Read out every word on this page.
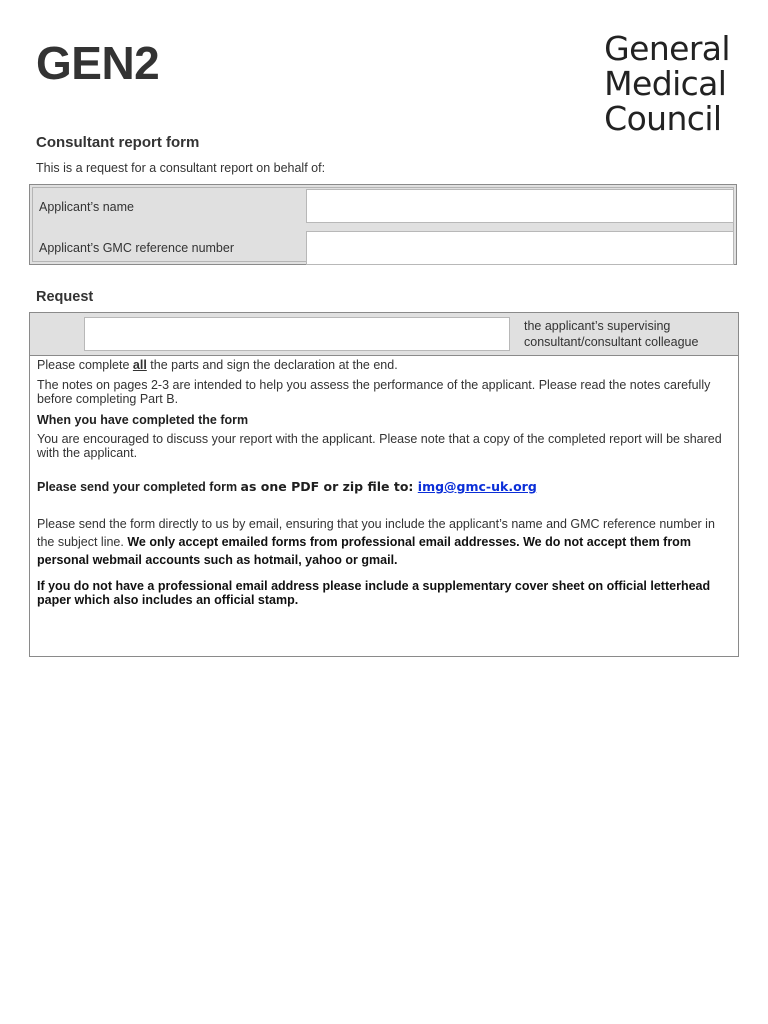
GEN2	General
Medical
Council
Consultant report form
This is a request for a consultant report on behalf of:
Applicant’s name
Applicant’s GMC reference number
Request
the applicant’s supervising consultant/consultant colleague

Please complete all the parts and sign the declaration at the end.

The notes on pages 2-3 are intended to help you assess the performance of the applicant. Please read the notes carefully before completing Part B.

When you have completed the form

You are encouraged to discuss your report with the applicant. Please note that a copy of the completed report will be shared with the applicant.

Please send your completed form as one PDF or zip file to: img@gmc-uk.org

Please send the form directly to us by email, ensuring that you include the applicant’s name and GMC reference number in the subject line. We only accept emailed forms from professional email addresses. We do not accept them from personal webmail accounts such as hotmail, yahoo or gmail.

If you do not have a professional email address please include a supplementary cover sheet on official letterhead paper which also includes an official stamp.
